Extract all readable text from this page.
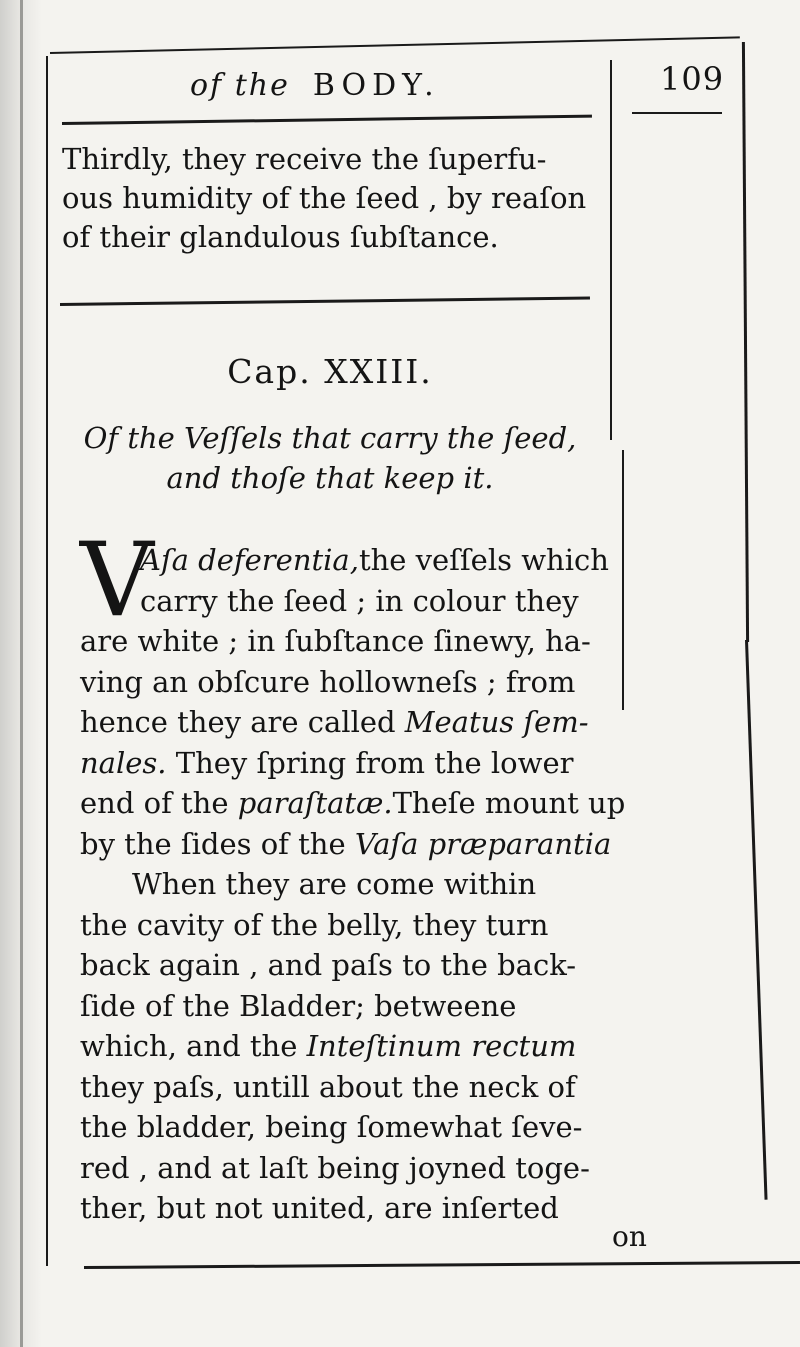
of the BODY.	109
Thirdly, they receive the ſuperfu-
ous humidity of the ſeed , by reaſon
of their glandulous ſubſtance.
Cap. XXIII.
Of the Veſſels that carry the ſeed,
and thoſe that keep it.
V
Aſa deferentia,the veſſels which
carry the ſeed ; in colour they
are white ; in ſubſtance ſinewy, ha-
ving an obſcure hollowneſs ; from
hence they are called Meatus ſem-
nales. They ſpring from the lower
end of the paraſtatæ.Theſe mount up
by the ſides of the Vaſa præparantia
When they are come within
the cavity of the belly, they turn
back again , and paſs to the back-
ſide of the Bladder; betweene
which, and the Inteſtinum rectum
they paſs, untill about the neck of
the bladder, being ſomewhat ſeve-
red , and at laſt being joyned toge-
ther, but not united, are inſerted
on
